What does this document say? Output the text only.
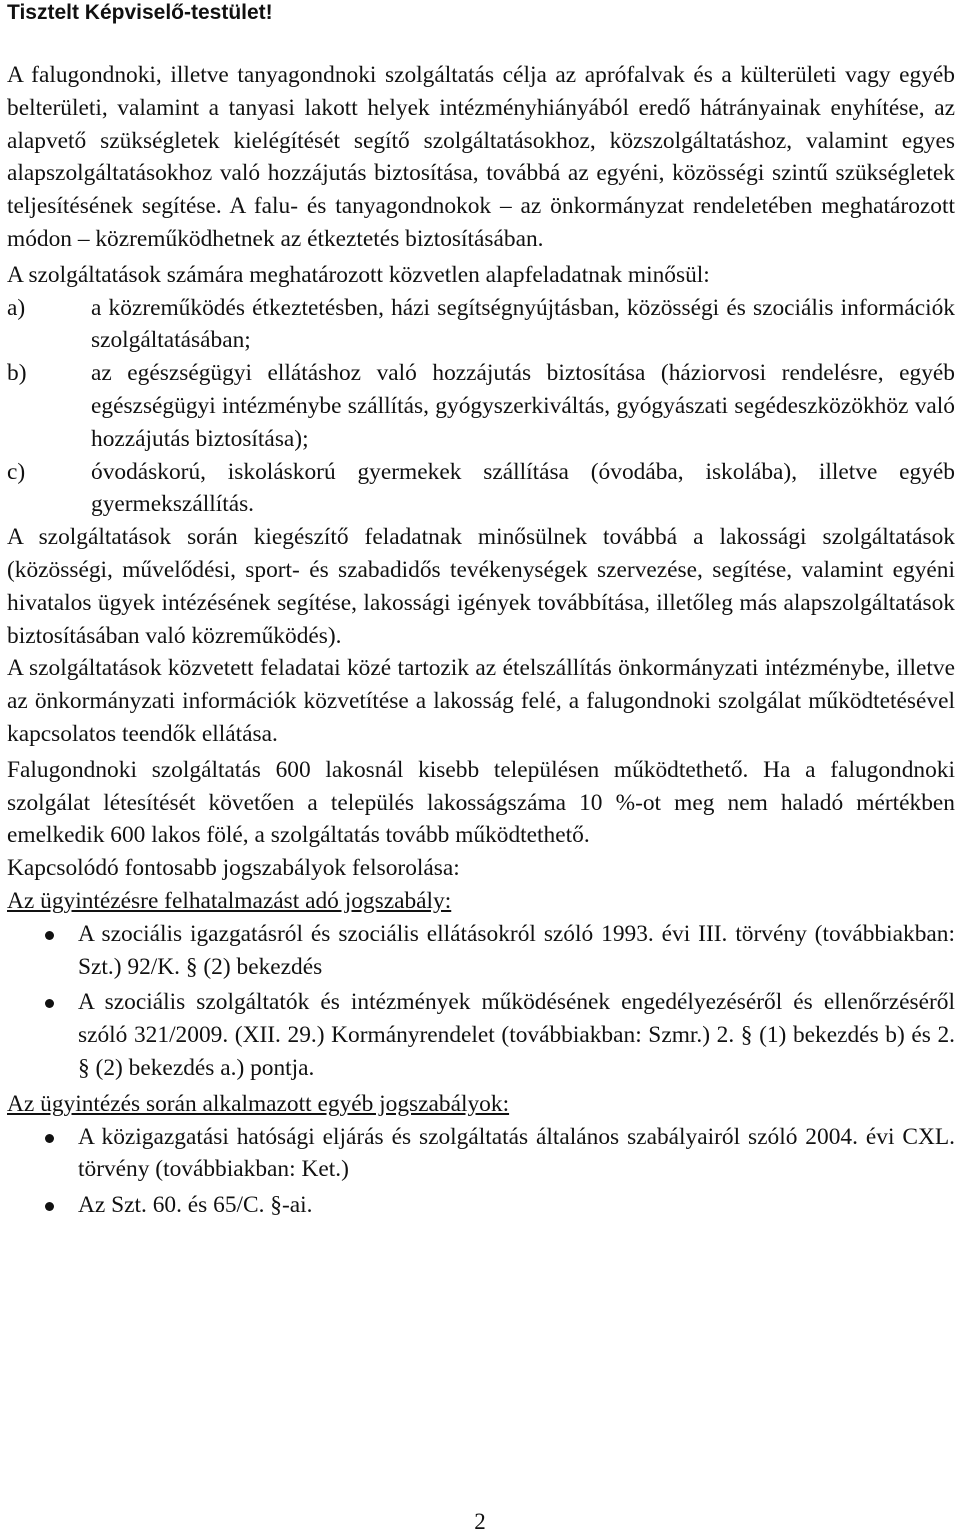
Tisztelt Képviselő-testület!

A falugondnoki, illetve tanyagondnoki szolgáltatás célja az aprófalvak és a külterületi vagy egyéb belterületi, valamint a tanyasi lakott helyek intézményhiányából eredő hátrányainak enyhítése, az alapvető szükségletek kielégítését segítő szolgáltatásokhoz, közszolgáltatáshoz, valamint egyes alapszolgáltatásokhoz való hozzájutás biztosítása, továbbá az egyéni, közösségi szintű szükségletek teljesítésének segítése. A falu- és tanyagondnokok – az önkormányzat rendeletében meghatározott módon – közreműködhetnek az étkeztetés biztosításában.

A szolgáltatások számára meghatározott közvetlen alapfeladatnak minősül:

a)	a közreműködés étkeztetésben, házi segítségnyújtásban, közösségi és szociális információk szolgáltatásában;
b)	az egészségügyi ellátáshoz való hozzájutás biztosítása (háziorvosi rendelésre, egyéb egészségügyi intézménybe szállítás, gyógyszerkiváltás, gyógyászati segédeszközökhöz való hozzájutás biztosítása);
c)	óvodáskorú, iskoláskorú gyermekek szállítása (óvodába, iskolába), illetve egyéb gyermekszállítás.

A szolgáltatások során kiegészítő feladatnak minősülnek továbbá a lakossági szolgáltatások (közösségi, művelődési, sport- és szabadidős tevékenységek szervezése, segítése, valamint egyéni hivatalos ügyek intézésének segítése, lakossági igények továbbítása, illetőleg más alapszolgáltatások biztosításában való közreműködés).

A szolgáltatások közvetett feladatai közé tartozik az ételszállítás önkormányzati intézménybe, illetve az önkormányzati információk közvetítése a lakosság felé, a falugondnoki szolgálat működtetésével kapcsolatos teendők ellátása.

Falugondnoki szolgáltatás 600 lakosnál kisebb településen működtethető. Ha a falugondnoki szolgálat létesítését követően a település lakosságszáma 10 %-ot meg nem haladó mértékben emelkedik 600 lakos fölé, a szolgáltatás tovább működtethető.

Kapcsolódó fontosabb jogszabályok felsorolása:

Az ügyintézésre felhatalmazást adó jogszabály:

A szociális igazgatásról és szociális ellátásokról szóló 1993. évi III. törvény (továbbiakban: Szt.) 92/K. § (2) bekezdés
A szociális szolgáltatók és intézmények működésének engedélyezéséről és ellenőrzéséről szóló 321/2009. (XII. 29.) Kormányrendelet (továbbiakban: Szmr.) 2. § (1) bekezdés b) és 2. § (2) bekezdés a.) pontja.

Az ügyintézés során alkalmazott egyéb jogszabályok:

A közigazgatási hatósági eljárás és szolgáltatás általános szabályairól szóló 2004. évi CXL. törvény (továbbiakban: Ket.)
Az Szt. 60. és 65/C. §-ai.
2
